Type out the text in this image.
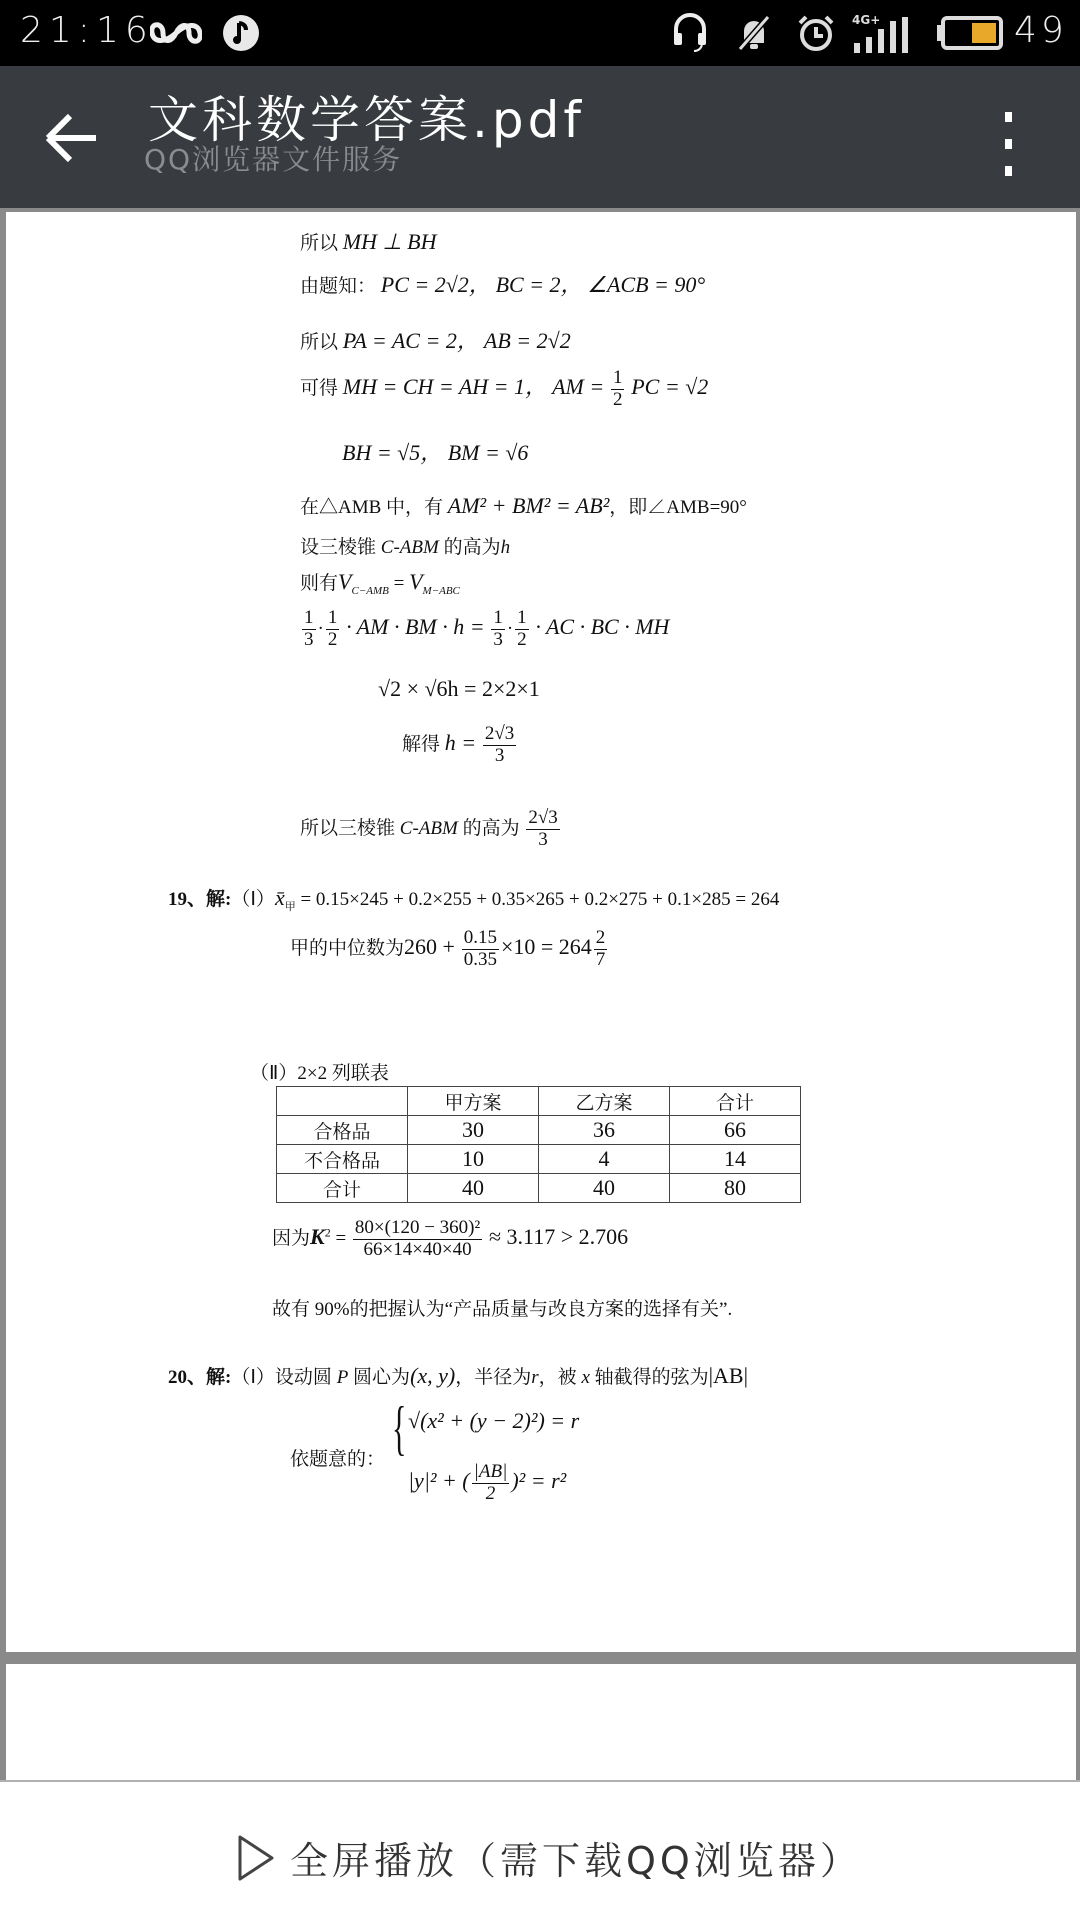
21:16	4G+	49
文科数学答案.pdf
QQ浏览器文件服务
所以 MH ⊥ BH
由题知： PC = 2√2， BC = 2， ∠ACB = 90°
所以 PA = AC = 2， AB = 2√2
可得 MH = CH = AH = 1， AM = $\frac{1}{2}$ PC = √2
BH = √5， BM = √6
在△AMB 中，有 AM² + BM² = AB²，即∠AMB=90°
设三棱锥 C-ABM 的高为h
则有$V_{C-AMB} = V_{M-ABC}$
$\frac{1}{3} \cdot \frac{1}{2}$ · AM · BM · $h = \frac{1}{3} \cdot \frac{1}{2}$ · AC · BC · MH
√2 × √6h = 2×2×1
解得 $h = \frac{2√3}{3}$
所以三棱锥 C-ABM 的高为 $\frac{2√3}{3}$
19、解$:(Ⅰ)x̄_甲 = 0.15\times 245 + 0.2\times 255 + 0.35\times 265 + 0.2\times 275 + 0.1\times 285 = 264$
甲的中位数为$260 + \frac{0.15}{0.35} \times 10 = 264 \frac{2}{7}$
（Ⅱ）2×2 列联表
	甲方案	乙方案	合计
合格品	30	36	66
不合格品	10	4	14
合计	40	40	80
因为$K^2 = \frac{\text{80×(120 − 360)²}}{66\times 14\times 40\times 40} \approx 3.117 > 2.706$
故有 90%的把握认为“产品质量与改良方案的选择有关”.
20、解:（Ⅰ）设动圆 P 圆心为(x, y)，半径为r，被 x 轴截得的弦为|AB|
依题意的： { √(x² + (y − 2)²) = r
|y|² + ( $\frac{|AB|}{2} )^2 = r^2$
全屏播放（需下载QQ浏览器）
